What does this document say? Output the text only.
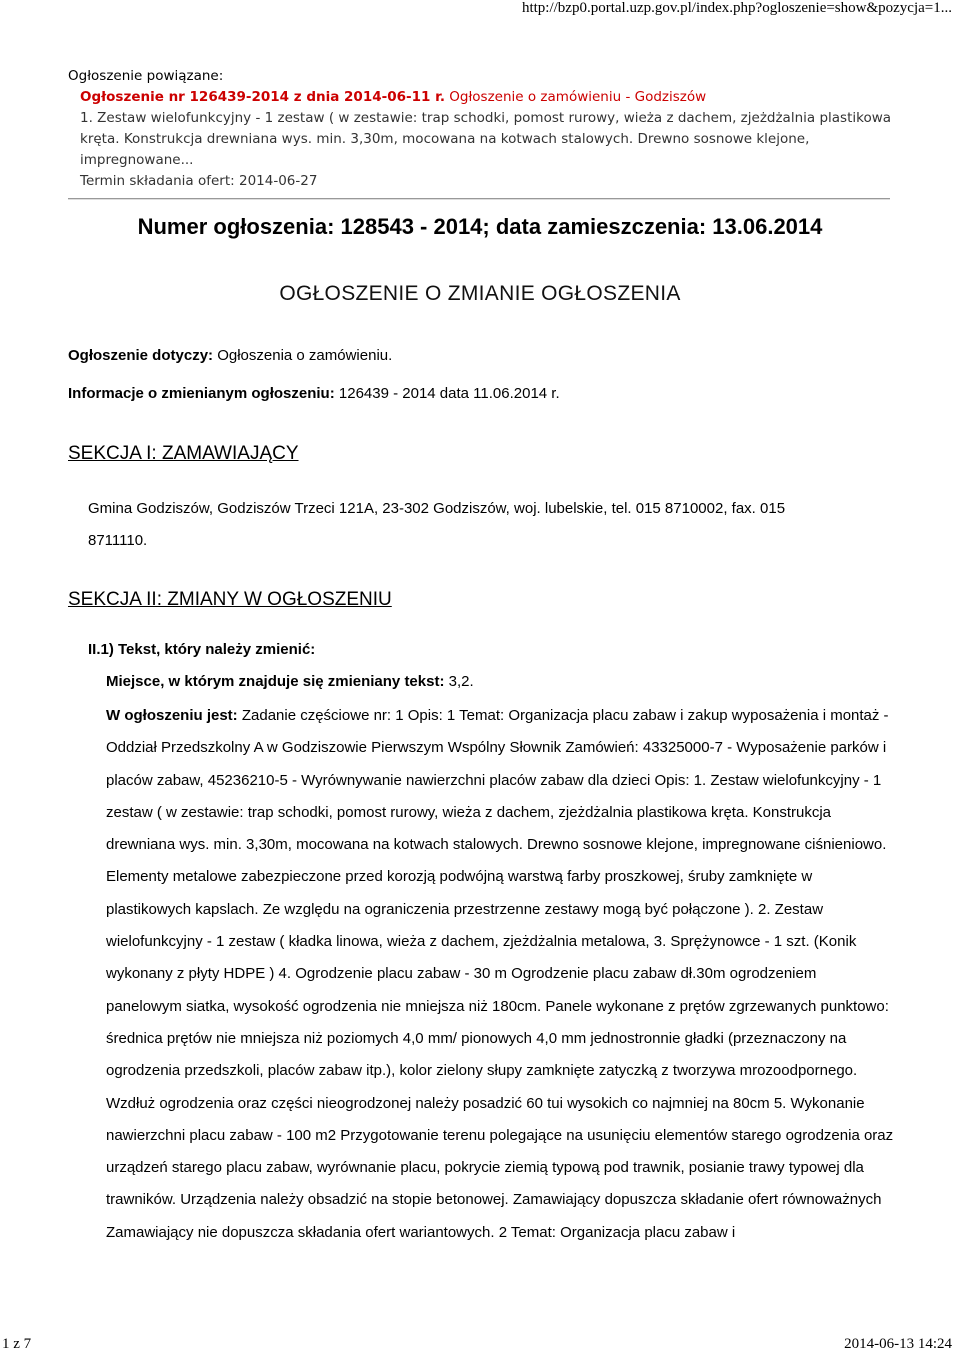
http://bzp0.portal.uzp.gov.pl/index.php?ogloszenie=show&pozycja=1...
Ogłoszenie powiązane:
Ogłoszenie nr 126439-2014 z dnia 2014-06-11 r. Ogłoszenie o zamówieniu - Godziszów
1. Zestaw wielofunkcyjny - 1 zestaw ( w zestawie: trap schodki, pomost rurowy, wieża z dachem, zjeżdżalnia plastikowa kręta. Konstrukcja drewniana wys. min. 3,30m, mocowana na kotwach stalowych. Drewno sosnowe klejone, impregnowane...
Termin składania ofert: 2014-06-27
Numer ogłoszenia: 128543 - 2014; data zamieszczenia: 13.06.2014
OGŁOSZENIE O ZMIANIE OGŁOSZENIA
Ogłoszenie dotyczy: Ogłoszenia o zamówieniu.
Informacje o zmienianym ogłoszeniu: 126439 - 2014 data 11.06.2014 r.
SEKCJA I: ZAMAWIAJĄCY
Gmina Godziszów, Godziszów Trzeci 121A, 23-302 Godziszów, woj. lubelskie, tel. 015 8710002, fax. 015 8711110.
SEKCJA II: ZMIANY W OGŁOSZENIU
II.1) Tekst, który należy zmienić:
Miejsce, w którym znajduje się zmieniany tekst: 3,2.
W ogłoszeniu jest: Zadanie częściowe nr: 1 Opis: 1 Temat: Organizacja placu zabaw i zakup wyposażenia i montaż - Oddział Przedszkolny A w Godziszowie Pierwszym Wspólny Słownik Zamówień: 43325000-7 - Wyposażenie parków i placów zabaw, 45236210-5 - Wyrównywanie nawierzchni placów zabaw dla dzieci Opis: 1. Zestaw wielofunkcyjny - 1 zestaw ( w zestawie: trap schodki, pomost rurowy, wieża z dachem, zjeżdżalnia plastikowa kręta. Konstrukcja drewniana wys. min. 3,30m, mocowana na kotwach stalowych. Drewno sosnowe klejone, impregnowane ciśnieniowo. Elementy metalowe zabezpieczone przed korozją podwójną warstwą farby proszkowej, śruby zamknięte w plastikowych kapslach. Ze względu na ograniczenia przestrzenne zestawy mogą być połączone ). 2. Zestaw wielofunkcyjny - 1 zestaw ( kładka linowa, wieża z dachem, zjeżdżalnia metalowa, 3. Sprężynowce - 1 szt. (Konik wykonany z płyty HDPE ) 4. Ogrodzenie placu zabaw - 30 m Ogrodzenie placu zabaw dł.30m ogrodzeniem panelowym siatka, wysokość ogrodzenia nie mniejsza niż 180cm. Panele wykonane z prętów zgrzewanych punktowo: średnica prętów nie mniejsza niż poziomych 4,0 mm/ pionowych 4,0 mm jednostronnie gładki (przeznaczony na ogrodzenia przedszkoli, placów zabaw itp.), kolor zielony słupy zamknięte zatyczką z tworzywa mrozoodpornego. Wzdłuż ogrodzenia oraz części nieogrodzonej należy posadzić 60 tui wysokich co najmniej na 80cm 5. Wykonanie nawierzchni placu zabaw - 100 m2 Przygotowanie terenu polegające na usunięciu elementów starego ogrodzenia oraz urządzeń starego placu zabaw, wyrównanie placu, pokrycie ziemią typową pod trawnik, posianie trawy typowej dla trawników. Urządzenia należy obsadzić na stopie betonowej. Zamawiający dopuszcza składanie ofert równoważnych Zamawiający nie dopuszcza składania ofert wariantowych. 2 Temat: Organizacja placu zabaw i
1 z 7	2014-06-13 14:24
